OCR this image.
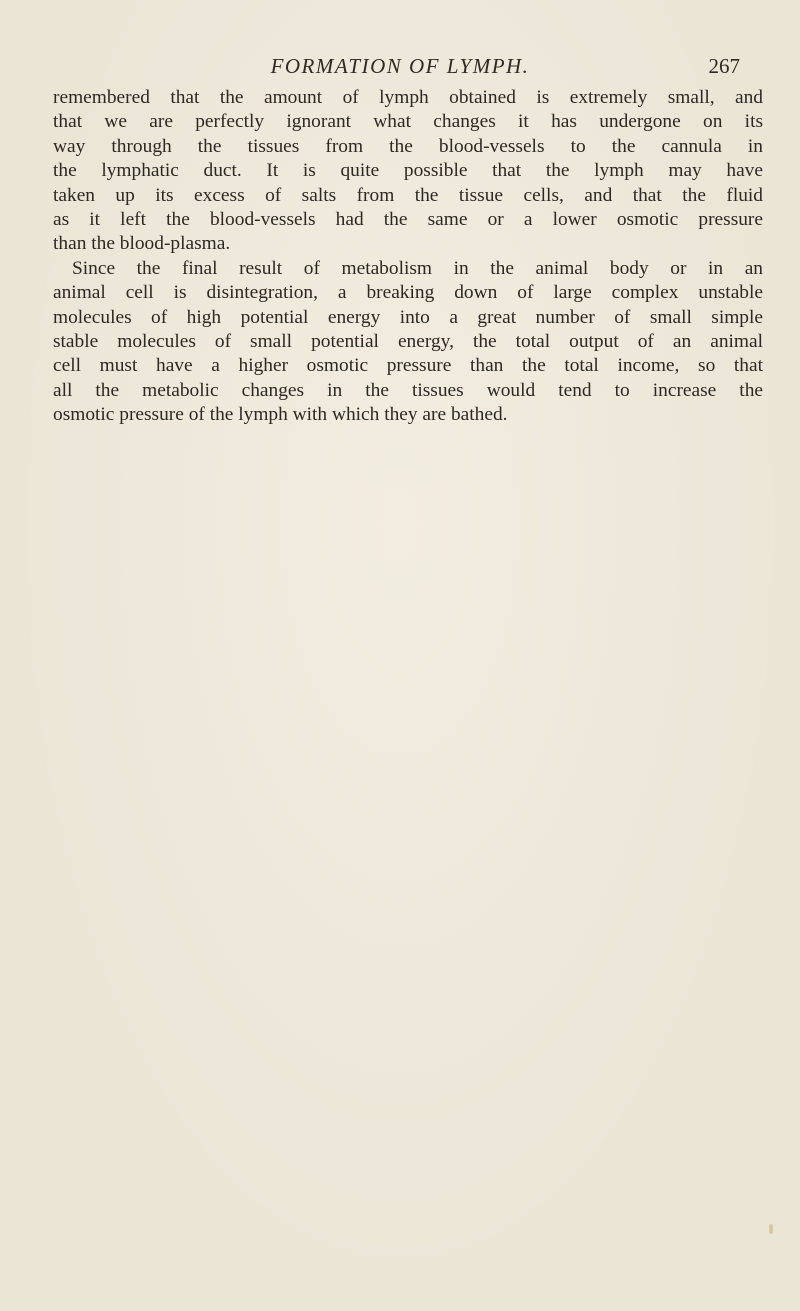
FORMATION OF LYMPH.	267
remembered that the amount of lymph obtained is extremely small, and
that we are perfectly ignorant what changes it has undergone on its
way through the tissues from the blood-vessels to the cannula in
the lymphatic duct. It is quite possible that the lymph may have
taken up its excess of salts from the tissue cells, and that the fluid
as it left the blood-vessels had the same or a lower osmotic pressure
than the blood-plasma.
Since the final result of metabolism in the animal body or in an
animal cell is disintegration, a breaking down of large complex unstable
molecules of high potential energy into a great number of small simple
stable molecules of small potential energy, the total output of an animal
cell must have a higher osmotic pressure than the total income, so that
all the metabolic changes in the tissues would tend to increase the
osmotic pressure of the lymph with which they are bathed.
